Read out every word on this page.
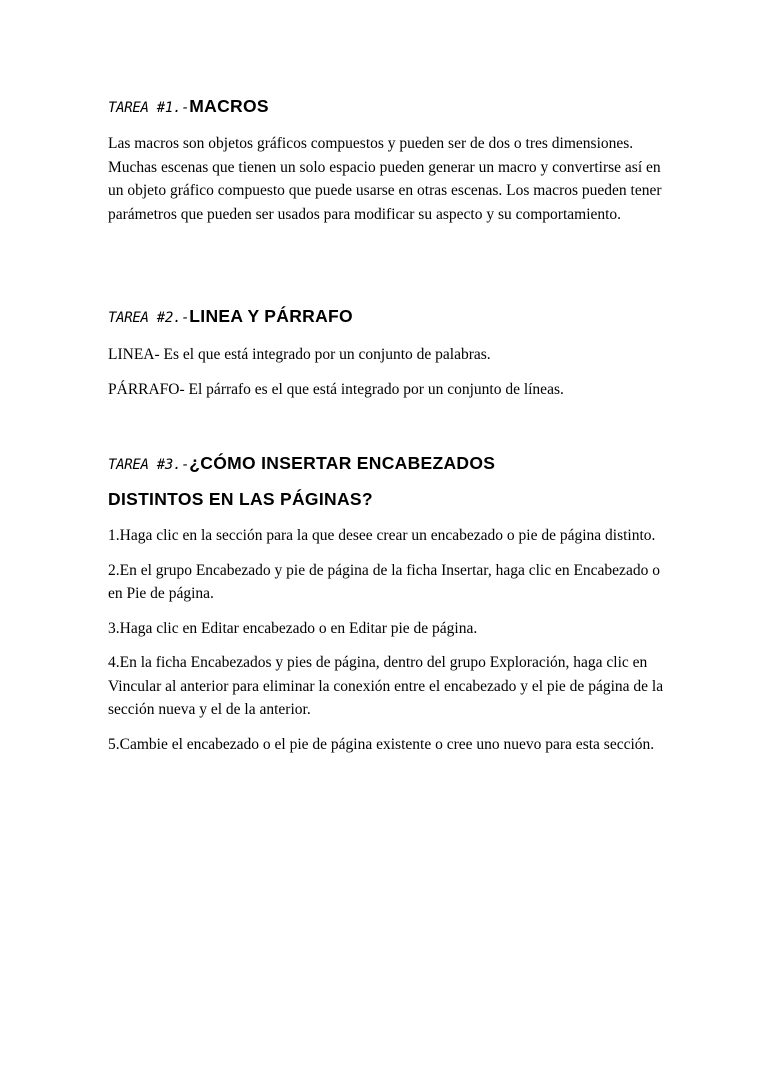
TAREA #1.-MACROS

Las macros son objetos gráficos compuestos y pueden ser de dos o tres dimensiones. Muchas escenas que tienen un solo espacio pueden generar un macro y convertirse así en un objeto gráfico compuesto que puede usarse en otras escenas. Los macros pueden tener parámetros que pueden ser usados para modificar su aspecto y su comportamiento.

TAREA #2.-LINEA Y PÁRRAFO

LINEA- Es el que está integrado por un conjunto de palabras.

PÁRRAFO- El párrafo es el que está integrado por un conjunto de líneas.

TAREA #3.-¿CÓMO INSERTAR ENCABEZADOS DISTINTOS EN LAS PÁGINAS?

1.Haga clic en la sección para la que desee crear un encabezado o pie de página distinto.

2.En el grupo Encabezado y pie de página de la ficha Insertar, haga clic en Encabezado o en Pie de página.

3.Haga clic en Editar encabezado o en Editar pie de página.

4.En la ficha Encabezados y pies de página, dentro del grupo Exploración, haga clic en Vincular al anterior para eliminar la conexión entre el encabezado y el pie de página de la sección nueva y el de la anterior.

5.Cambie el encabezado o el pie de página existente o cree uno nuevo para esta sección.
